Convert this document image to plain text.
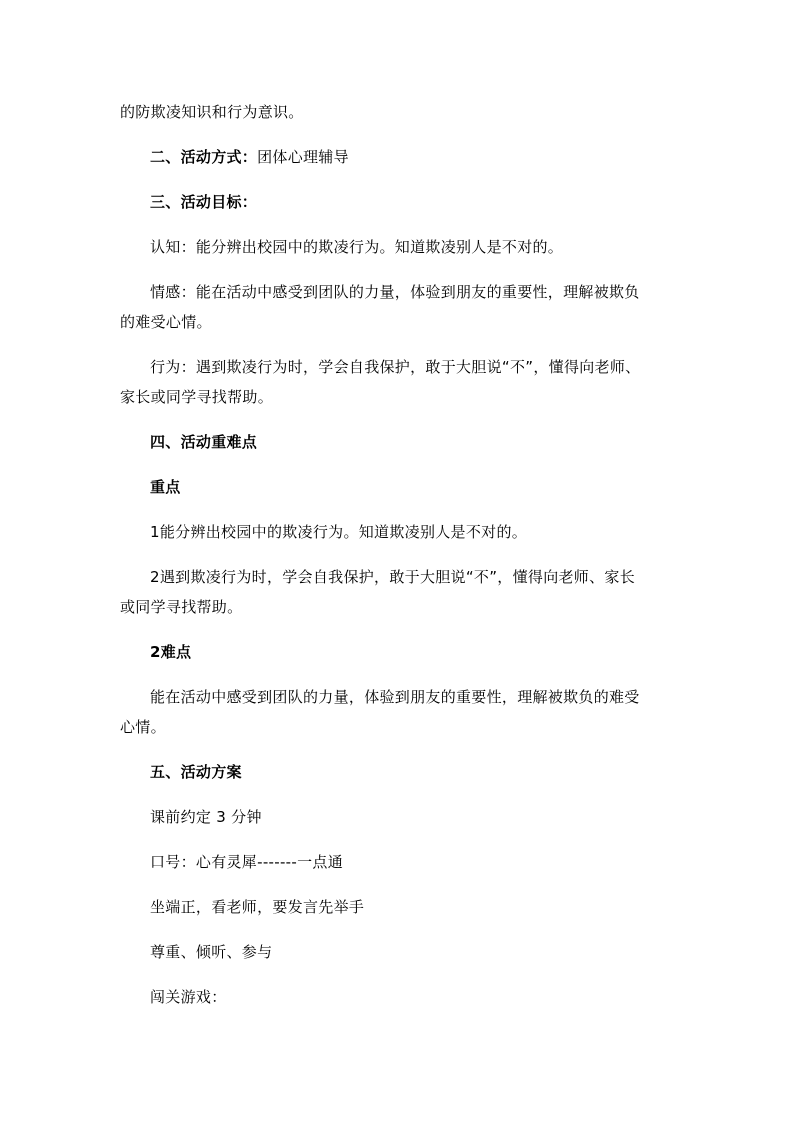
的防欺凌知识和行为意识。
二、活动方式：团体心理辅导
三、活动目标：
认知：能分辨出校园中的欺凌行为。知道欺凌别人是不对的。
情感：能在活动中感受到团队的力量，体验到朋友的重要性，理解被欺负
的难受心情。
行为：遇到欺凌行为时，学会自我保护，敢于大胆说“不”，懂得向老师、
家长或同学寻找帮助。
四、活动重难点
重点
1能分辨出校园中的欺凌行为。知道欺凌别人是不对的。
2遇到欺凌行为时，学会自我保护，敢于大胆说“不”，懂得向老师、家长
或同学寻找帮助。
2难点
能在活动中感受到团队的力量，体验到朋友的重要性，理解被欺负的难受
心情。
五、活动方案
课前约定 3 分钟
口号：心有灵犀-------一点通
坐端正，看老师，要发言先举手
尊重、倾听、参与
闯关游戏：
